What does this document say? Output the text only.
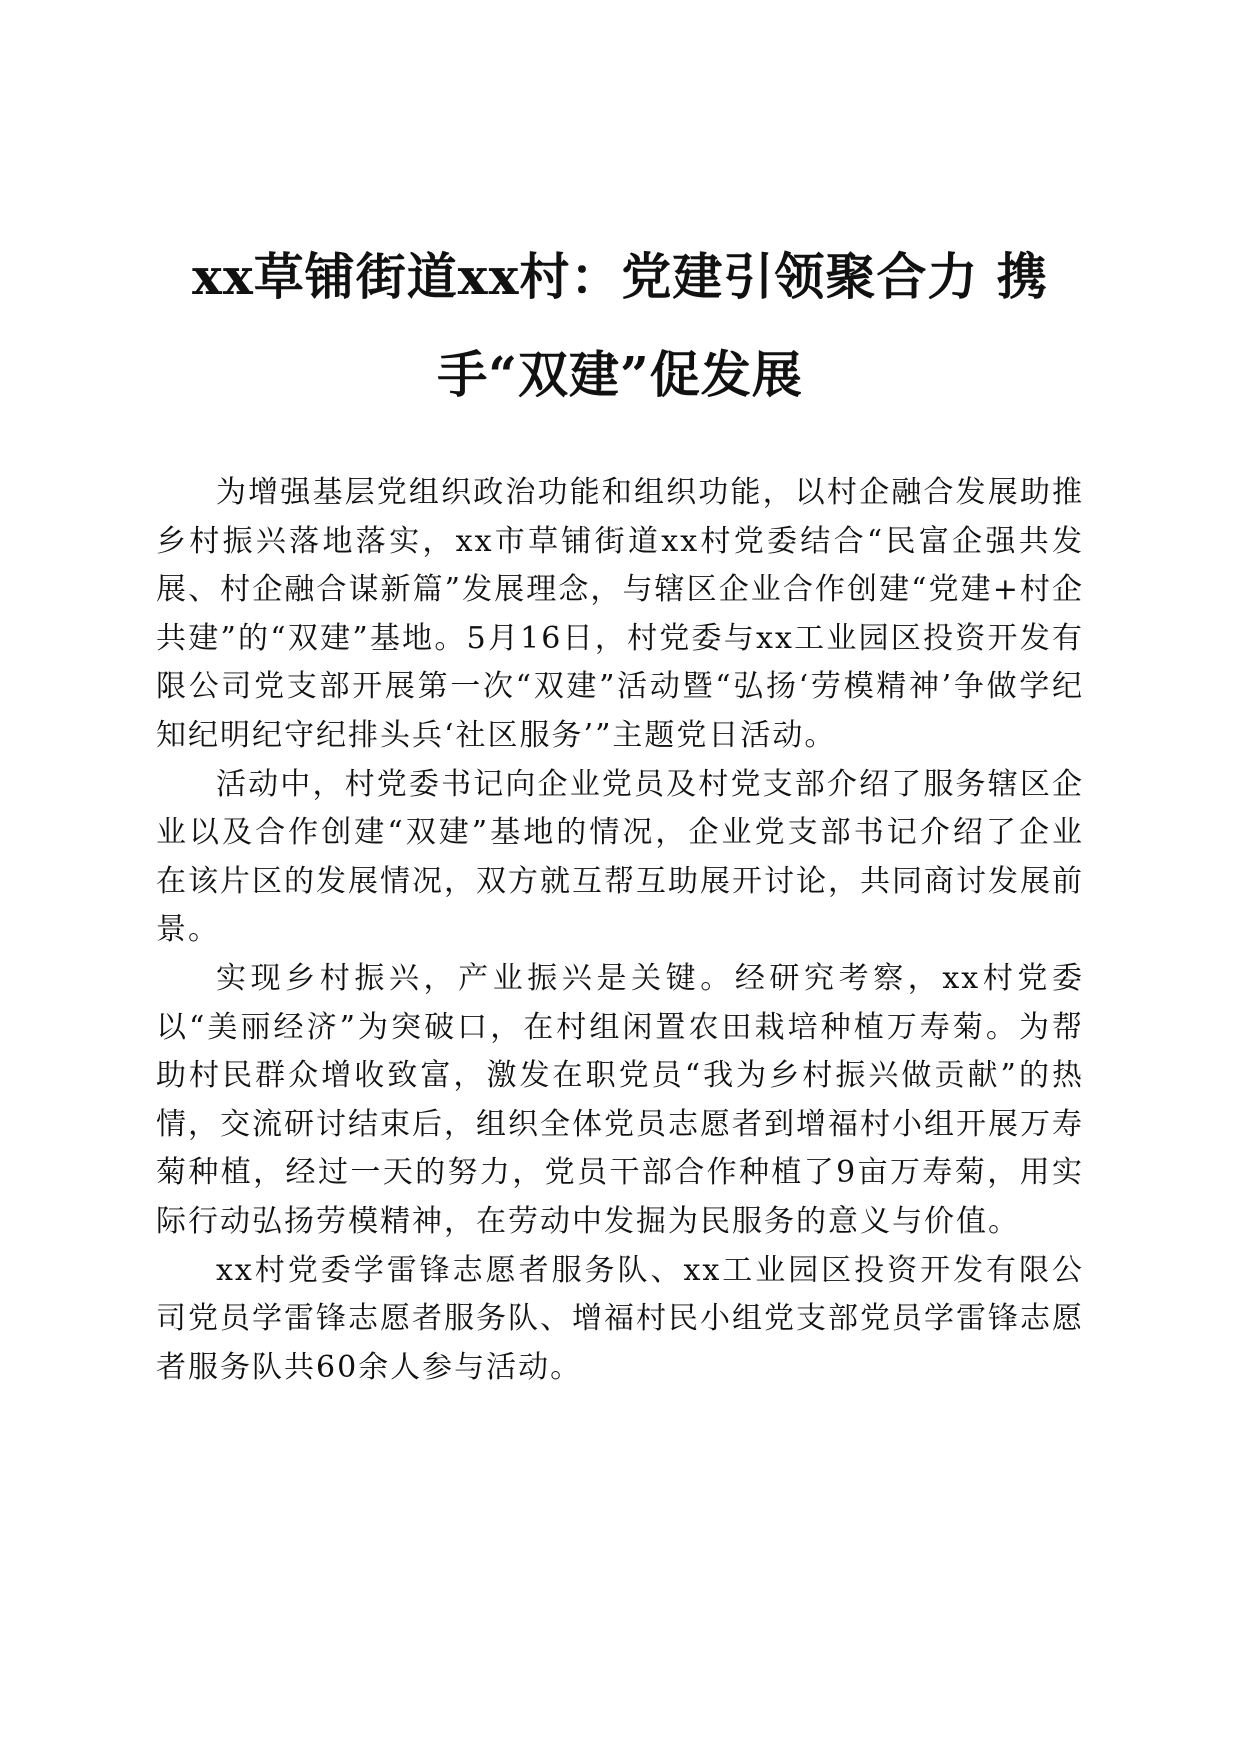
xx草铺街道xx村：党建引领聚合力 携手“双建”促发展

为增强基层党组织政治功能和组织功能，以村企融合发展助推乡村振兴落地落实，xx市草铺街道xx村党委结合“民富企强共发展、村企融合谋新篇”发展理念，与辖区企业合作创建“党建+村企共建”的“双建”基地。5月16日，村党委与xx工业园区投资开发有限公司党支部开展第一次“双建”活动暨“弘扬‘劳模精神’争做学纪知纪明纪守纪排头兵‘社区服务’”主题党日活动。

活动中，村党委书记向企业党员及村党支部介绍了服务辖区企业以及合作创建“双建”基地的情况，企业党支部书记介绍了企业在该片区的发展情况，双方就互帮互助展开讨论，共同商讨发展前景。

实现乡村振兴，产业振兴是关键。经研究考察，xx村党委以“美丽经济”为突破口，在村组闲置农田栽培种植万寿菊。为帮助村民群众增收致富，激发在职党员“我为乡村振兴做贡献”的热情，交流研讨结束后，组织全体党员志愿者到增福村小组开展万寿菊种植，经过一天的努力，党员干部合作种植了9亩万寿菊，用实际行动弘扬劳模精神，在劳动中发掘为民服务的意义与价值。

xx村党委学雷锋志愿者服务队、xx工业园区投资开发有限公司党员学雷锋志愿者服务队、增福村民小组党支部党员学雷锋志愿者服务队共60余人参与活动。
